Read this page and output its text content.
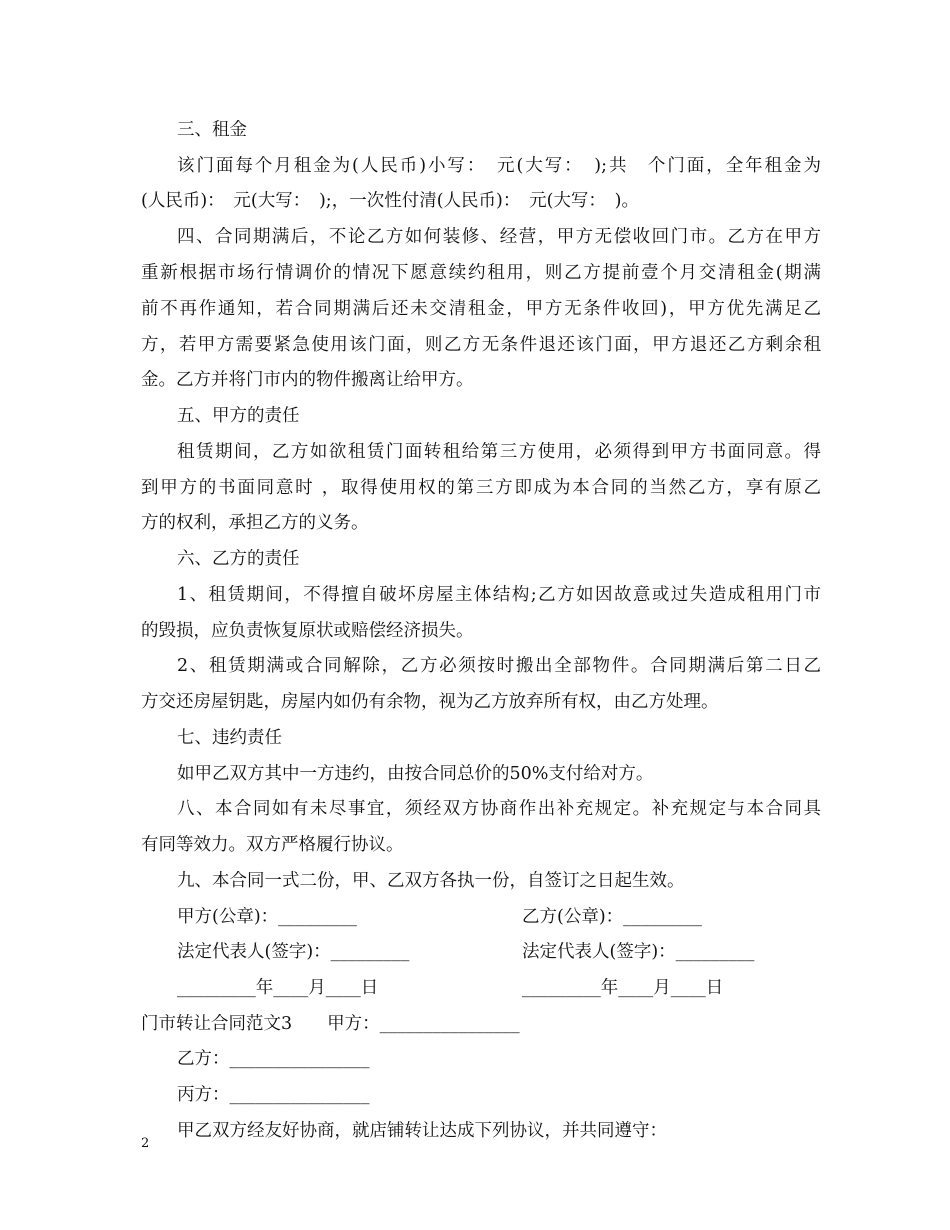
三、租金
该门面每个月租金为(人民币)小写：　元(大写：　);共　个门面，全年租金为
(人民币)：　元(大写：　);，一次性付清(人民币)：　元(大写：　)。
四、合同期满后，不论乙方如何装修、经营，甲方无偿收回门市。乙方在甲方
重新根据市场行情调价的情况下愿意续约租用，则乙方提前壹个月交清租金(期满
前不再作通知，若合同期满后还未交清租金，甲方无条件收回)，甲方优先满足乙
方，若甲方需要紧急使用该门面，则乙方无条件退还该门面，甲方退还乙方剩余租
金。乙方并将门市内的物件搬离让给甲方。
五、甲方的责任
租赁期间，乙方如欲租赁门面转租给第三方使用，必须得到甲方书面同意。得
到甲方的书面同意时 ，取得使用权的第三方即成为本合同的当然乙方，享有原乙
方的权利，承担乙方的义务。
六、乙方的责任
1、租赁期间，不得擅自破坏房屋主体结构;乙方如因故意或过失造成租用门市
的毁损，应负责恢复原状或赔偿经济损失。
2、租赁期满或合同解除，乙方必须按时搬出全部物件。合同期满后第二日乙
方交还房屋钥匙，房屋内如仍有余物，视为乙方放弃所有权，由乙方处理。
七、违约责任
如甲乙双方其中一方违约，由按合同总价的50%支付给对方。
八、本合同如有未尽事宜，须经双方协商作出补充规定。补充规定与本合同具
有同等效力。双方严格履行协议。
九、本合同一式二份，甲、乙双方各执一份，自签订之日起生效。
甲方(公章)：_________	乙方(公章)：_________
法定代表人(签字)：_________	法定代表人(签字)：_________
_________年____月____日	_________年____月____日
门市转让合同范文3　　甲方：________________
乙方：________________
丙方：________________
甲乙双方经友好协商，就店铺转让达成下列协议，并共同遵守：
2
